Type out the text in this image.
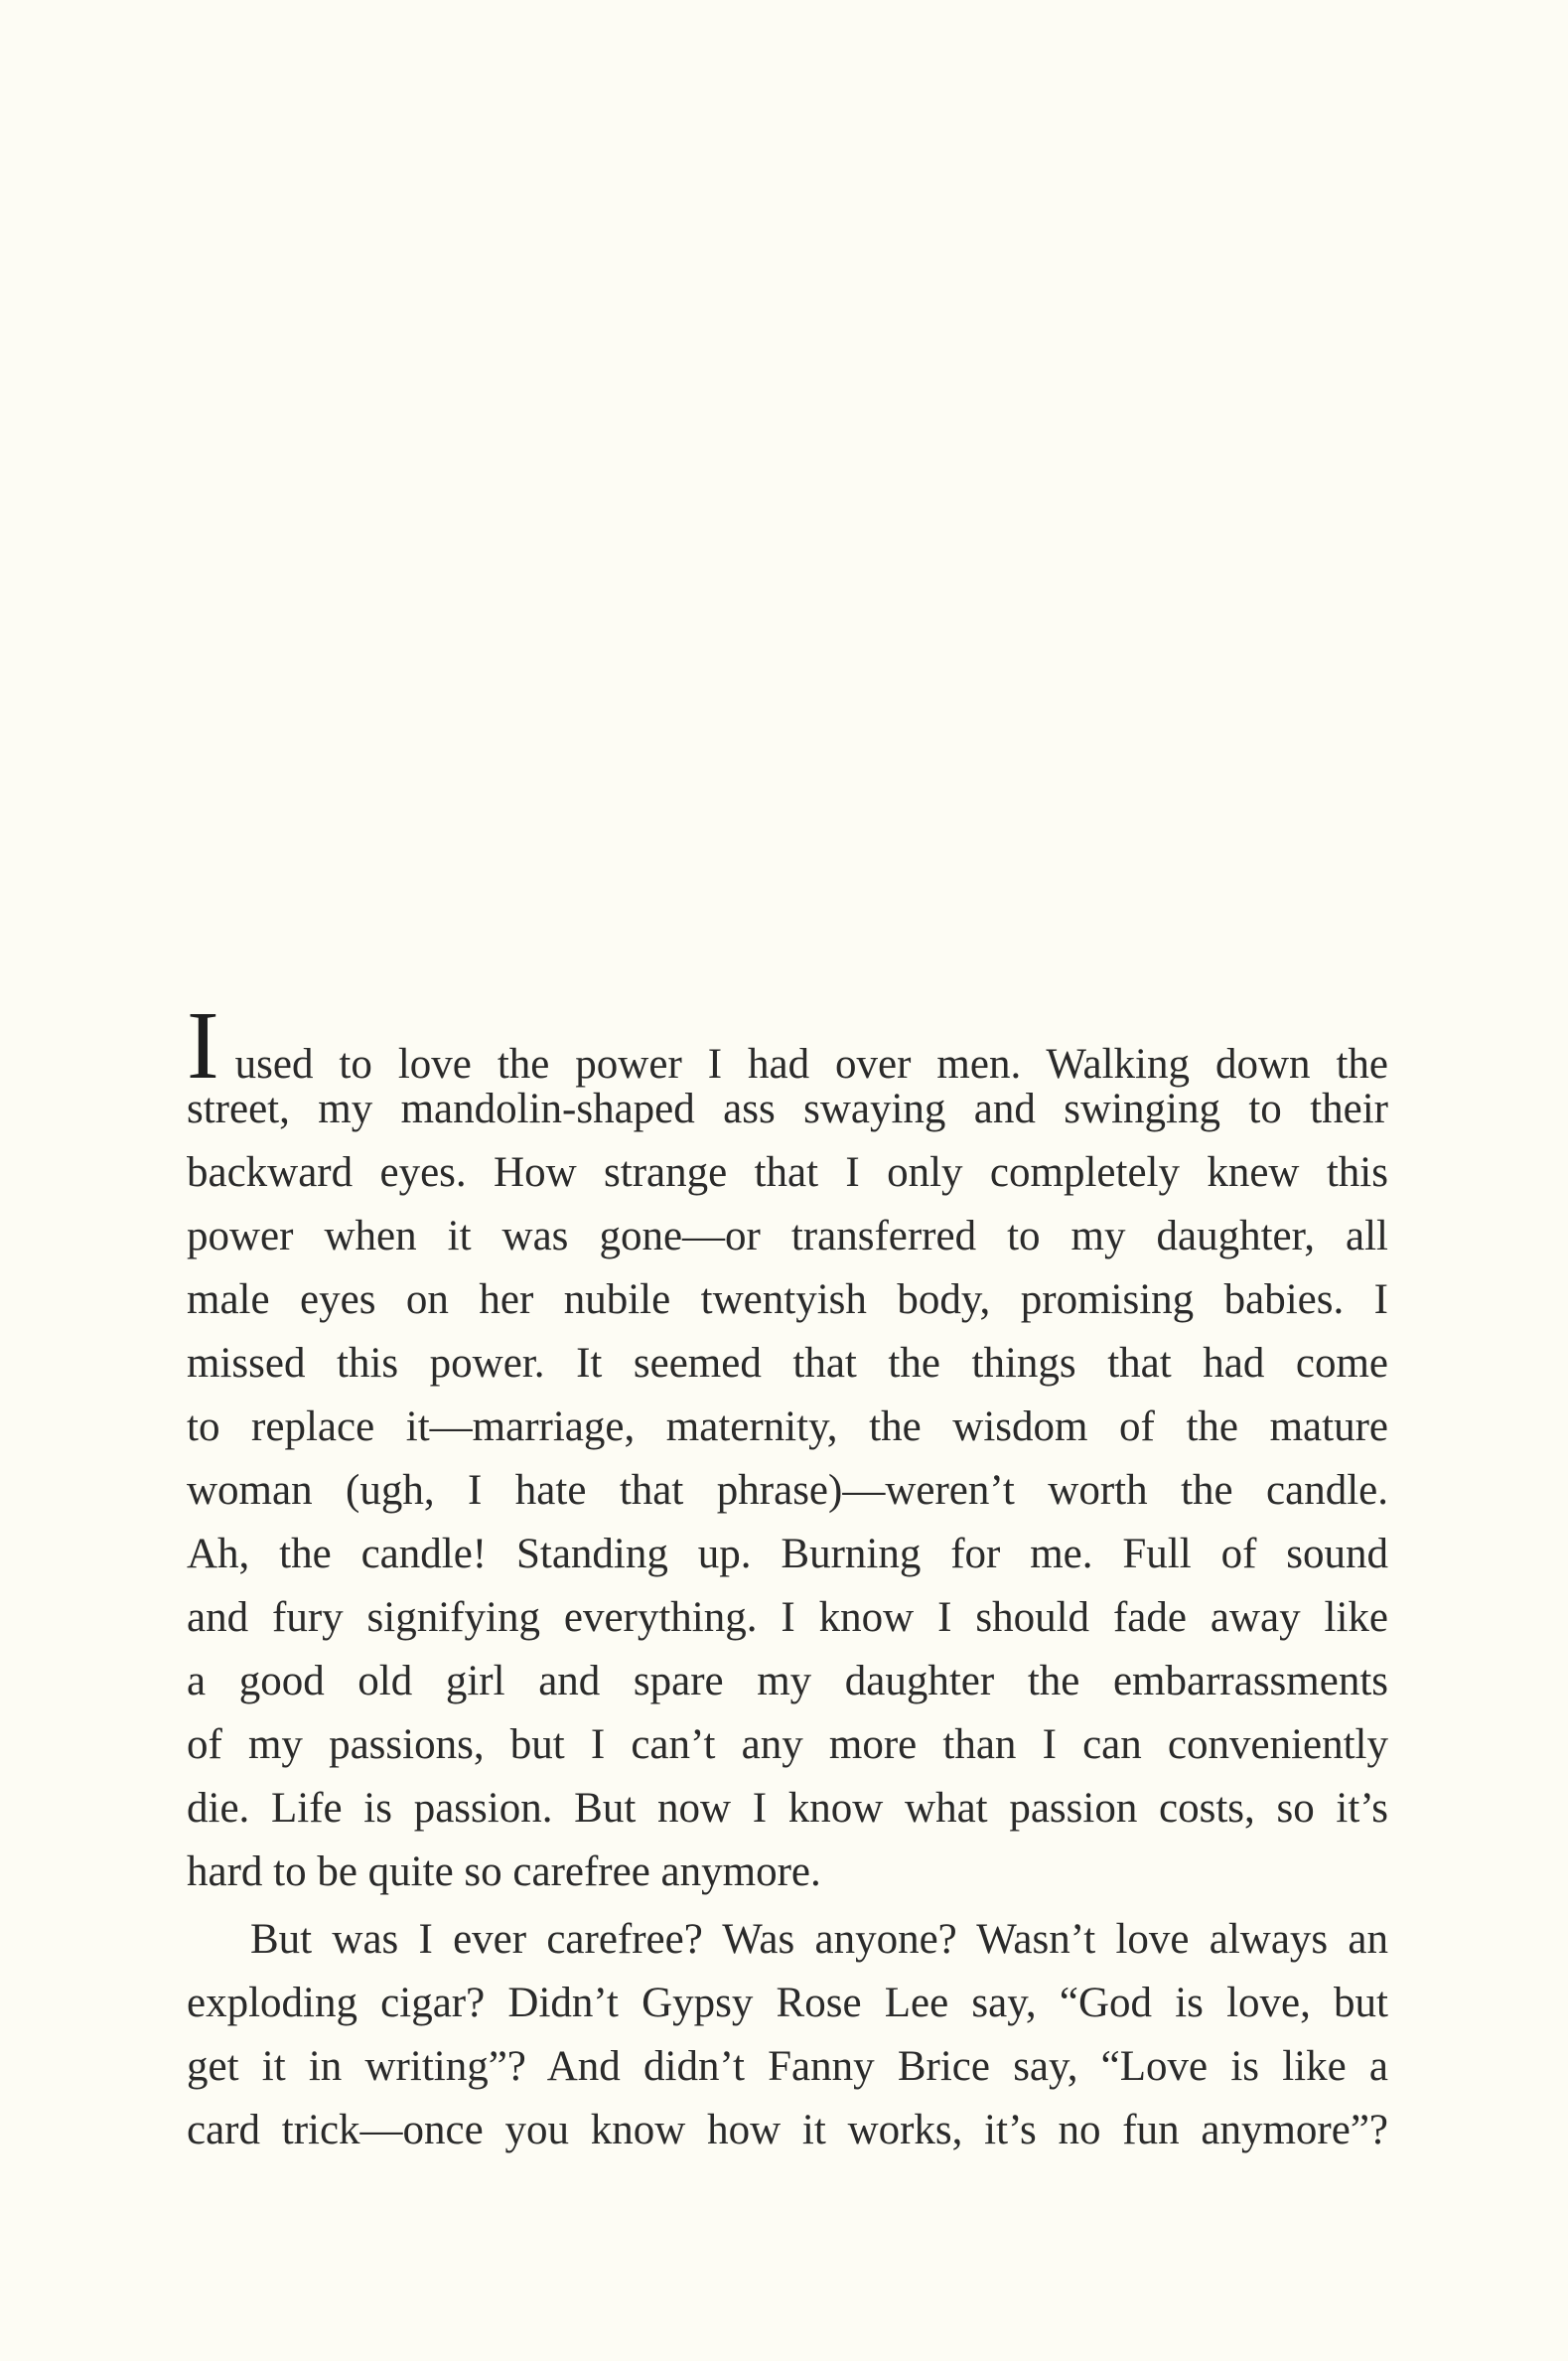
Iused to love the power I had over men. Walking down the
street, my mandolin-shaped ass swaying and swinging to their
backward eyes. How strange that I only completely knew this
power when it was gone—or transferred to my daughter, all
male eyes on her nubile twentyish body, promising babies. I
missed this power. It seemed that the things that had come
to replace it—marriage, maternity, the wisdom of the mature
woman (ugh, I hate that phrase)—weren’t worth the candle.
Ah, the candle! Standing up. Burning for me. Full of sound
and fury signifying everything. I know I should fade away like
a good old girl and spare my daughter the embarrassments
of my passions, but I can’t any more than I can conveniently
die. Life is passion. But now I know what passion costs, so it’s
hard to be quite so carefree anymore.
But was I ever carefree? Was anyone? Wasn’t love always an
exploding cigar? Didn’t Gypsy Rose Lee say, “God is love, but
get it in writing”? And didn’t Fanny Brice say, “Love is like a
card trick—once you know how it works, it’s no fun anymore”?
